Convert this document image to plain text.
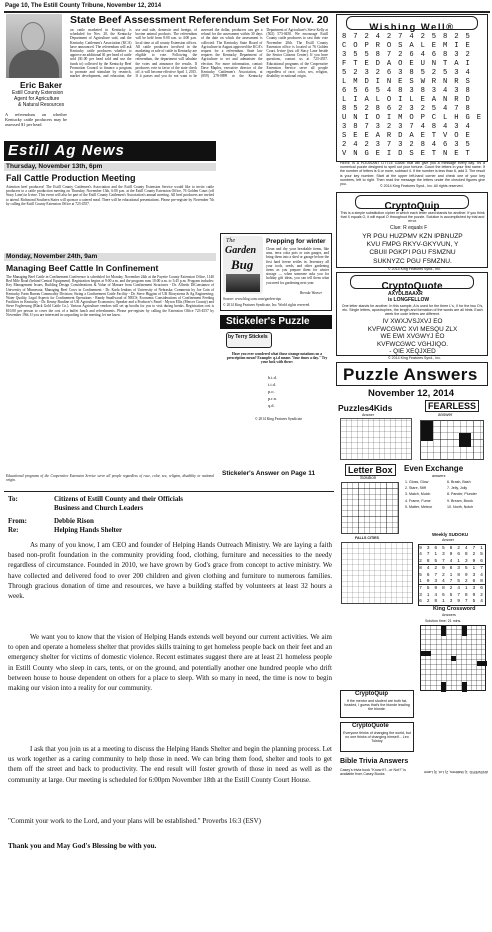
Page 10, The Estill County Tribune, November 12, 2014
Eric Baker
Estill County Extension
Agent for Agriculture
& Natural Resources
A referendum on whether Kentucky cattle producers may be assessed $1 per head
State Beef Assessment Referendum Set For Nov. 20
on cattle marketed in Kentucky is scheduled for Nov. 20, the Kentucky Department of Agriculture said, and the Kentucky Cattlemen's Association (KCA) have announced. The referendum will ask Kentucky cattle producers whether to approve an additional $1 per head of cattle sold ($1.00 per head sold and use the funds to) collected by the Kentucky Beef Promotion Council to finance a program to promote and stimulate by research, market development, and education, the use and sale, domestic and foreign, of bovine animal products. The referendum will be held from 8:00 a.m. to 4:00 p.m. local time at all county Extension offices. All cattle producers involved in the marketing or sale of cattle in Kentucky are eligible to vote. Following the referendum, the department will tabulate the votes and announce the results. If producers vote in favor of the state check off, it will become effective April 1, 2015. If it passes and you do not want to be assessed the dollar, producers can get a refund for the assessment within 30 days of the date on which the assessment is collected. The Kentucky State Board of Agriculture in August approved the KCA's request for a referendum. State law requires the Kentucky Department of Agriculture to set and administer the election. For more information, contact Dave Maples, executive director of the Kentucky Cattlemen's Association, at (859) 278-0899 or the Kentucky Department of Agriculture's Steve Kelly at (502) 573-0450. We encourage Estill County cattle producers to cast their vote November 20th. The Estill County Extension office is located at 76 Golden Court, Irvine (just off Stacy Lane beside the Senior Citizens Center). If you have questions, contact us at 723-4557. Educational programs of the Cooperative Extension Service serve all people regardless of race, color, sex, religion, disability or national origin.
Estill Ag News
Thursday, November 13th, 6pm
Fall Cattle Production Meeting
Attention beef producers! The Estill County Cattlemen's Association and the Estill County Extension Service would like to invite cattle producers to a cattle production meeting on Thursday, November 13th, 6:00 p.m. at the Estill County Extension Office, 76 Golden Court (off Stacy Lane) in Irvine. This event will also be part of the Estill County Cattlemen's Association's annual meeting. All beef producers are invited to attend. Richmond Southern States will sponsor a catered meal. There will be educational presentations. Please pre-register by November 7th by calling the Estill County Extension Office at 723-4557.
Monday, November 24th, 9am
Managing Beef Cattle In Confinement
The Managing Beef Cattle in Confinement Conference is scheduled for Monday, November 24th at the Fayette County Extension Office, 1140 Red Mile Road (behind Central Equipment). Registration begins at 9:00 a.m. and the program runs 10:00 a.m. to 3:45 p.m. Program includes: Key Management Issues, Building Design Considerations & Value of Manure from Confinement Structures - Dr. Alfredo DiConstanzo of University of Minnesota; Managing Beef Cows in Confinement - Dr. Karla Jenkins of University of Nebraska; Comments by Joe Cain of Kentucky Farm Bureau Commodity Division; Sizing a Confinement Cattle Facility - Dr. Steve Higgins of UK Biosystems & Ag Engineering; Water Quality, Legal Aspects for Confinement Operations - Randy Smallwood of NRCS; Economic Considerations of Confinement Feeding Facilities in Kentucky - Dr. Kenny Burdine of UK Agriculture Economics; Speaker and a Producer's Panel - Myron Ellis (Mercer County) and Steve Fogleesong (Black Gold Cattle Co.). Various Agriculture vendors will set up booths for you to visit during breaks. Registration cost is $10.00 per person to cover the cost of a buffet lunch and refreshments. Please pre-register by calling the Extension Office 723-4557 by November 19th. If you are interested in carpooling to the meeting, let me know.
Educational programs of the Cooperative Extension Service serve all people regardless of race, color, sex, religion, disability or national origin.
The
Garden
Bug
Prepping for winter
Clean and dry your breakable items, like urns, terra cotta pots or rain gauges, and bring them into a shed or garage before the first hard freeze settles in. Inventory all your tools, seeds, and other gardening items as you prepare them for winter storage — when someone asks you for holiday gift ideas, you can tell them what you need for gardening next year.
Brenda Weaver
Source: www.blog.com.com/garden-tips
© 2014 King Features Syndicate, Inc. World rights reserved.
Stickeler's Puzzle
by Terry Stickels
Have you ever wondered what those strange notations on a prescription mean? Example: q.i.d means "four times a day." Try your luck with these:
b.i.d.
t.i.d.
p.o.
p.r.n.
q.d.
© 2014 King Features Syndicate
Stickeler's Answer on Page 11
Wishing Well®
8 7 2 4 2 7 4 2 5 8 2 5
C O P R O S A L E M I E
3 5 5 8 7 2 6 4 6 8 3 2
F T E D A O E U N T A I
5 2 3 2 6 3 8 5 2 5 3 4
L M D I N E S W R N R S
6 5 6 5 4 8 3 8 3 4 3 8
L I A L O I L E A N R D
8 5 2 8 6 2 3 2 5 4 7 8
U N I O I M O P C L H G E
3 8 7 3 2 3 7 4 8 4 3 4
S E E A R D A E T V O E
2 4 2 3 7 3 2 8 4 6 3 5
V N G E I D S E T N E T
HERE IS A PLEASANT LITTLE GAME that will give you a message every day. It's a numerical puzzle designed to spell out your fortune. Count the letters in your first name. If the number of letters is 6 or more, subtract 4. If the number is less than 6, add 3. The result is your key number. Start at the upper left-hand corner and check one of your key numbers, left to right. Then read the message the letters under the checked figures give you.	© 2014 King Features Synd., Inc. All rights reserved.
CryptoQuip
This is a simple substitution cipher in which each letter used stands for another. If you think that X equals O, it will equal O throughout the puzzle. Solution is accomplished by trial and error.
Clue: R equals F
YR PGU HUZPMV KZN IPBNUZP
KVU FMPG RKYV-GKYVUN, Y
CBUII PGKP'I PGU FSMZNU
SUKNYZC PGU FSMZNU.
© 2014 King Features Synd., Inc.
CryptoQuote
AXYDLBAAXR
is LONGFELLOW
One letter stands for another. In this sample, A is used for the three L's, X for the two O's, etc. Single letters, apostrophes, the length and formation of the words are all hints. Each week the code letters are different.
IV XWXJVSJXVJ EO
KVFWCGWC XVI MESQU ZLX
WE EWI XVGWYJ EO
KVFWCGWC VGHJIQO.
- QIE XEQJXED
© 2014 King Features Synd., Inc.
Puzzle Answers
November 12, 2014
Puzzles4Kids
Answer
FEARLESS
answer
Letter Box
Solution
FALLS CITIES
Even Exchange
answers
1. Gloss, Glow
2. Stare, Stiff
3. Match, Mulch
4. Frame, Fume
5. Matter, Meteor
6. Brash, Bash
7. Jelly, Jolly
8. Pander, Plunder
9. Bream, Brook
10. North, Notch
Weekly SUDOKU
Answer
9 3 6 5 8 2 4 7 1
4 7 1 3 9 6 8 2 5
2 8 5 7 4 1 3 9 6
8 4 2 9 6 3 5 1 7
5 6 7 2 1 8 9 3 4
1 9 3 4 7 5 2 6 8
7 5 9 8 2 4 1 3 6
3 1 4 6 5 7 8 9 2
6 2 8 1 3 9 7 5 4
King Crossword
Answers
Solution time: 21 mins.
CryptoQuip
If the mentor and student are both fat-headed, I guess that's the blonde leading the blonde.
CryptoQuote
Everyone thinks of changing the world, but no one thinks of changing himself. - Leo Tolstoy
Bible Trivia Answers
Casey's trivia book "Know It?...or Not?" is available from Casey Books	ANSWERS: 1) Matthew, 2) Lot, 3) Lame
To:	Citizens of Estill County and their Officials
Business and Church Leaders
From:	Debbie Rison
Re:	Helping Hands Shelter
As many of you know, I am CEO and founder of Helping Hands Outreach Ministry. We are laying a faith based non-profit foundation in the community providing food, clothing, furniture and necessities to the needy regardless of circumstance. Founded in 2010, we have grown by God's grace from concept to active ministry. We have collected and delivered food to over 200 children and given clothing and furniture to numerous families. Through gracious donation of time and resources, we have a building staffed by volunteers at least 32 hours a week.
We want you to know that the vision of Helping Hands extends well beyond our current activities. We aim to open and operate a homeless shelter that provides skills training to get homeless people back on their feet and an emergency shelter for victims of domestic violence. Recent estimates suggest there are at least 21 homeless people in Estill County who sleep in cars, tents, or on the ground, and potentially another one hundred people who drift between house to house dependent on others for a place to sleep. With so many in need, the time is now to begin making our vision into a reality for our community.
I ask that you join us at a meeting to discuss the Helping Hands Shelter and begin the planning process. Let us work together as a caring community to help those in need. We can bring them food, shelter and tools to get them off the street and back to productivity. The end result will foster growth of those in need as well as the community at large. Our meeting is scheduled for 6:00pm November 18th at the Estill County Court House.
"Commit your work to the Lord, and your plans will be established." Proverbs 16:3 (ESV)
Thank you and May God's Blessing be with you.
